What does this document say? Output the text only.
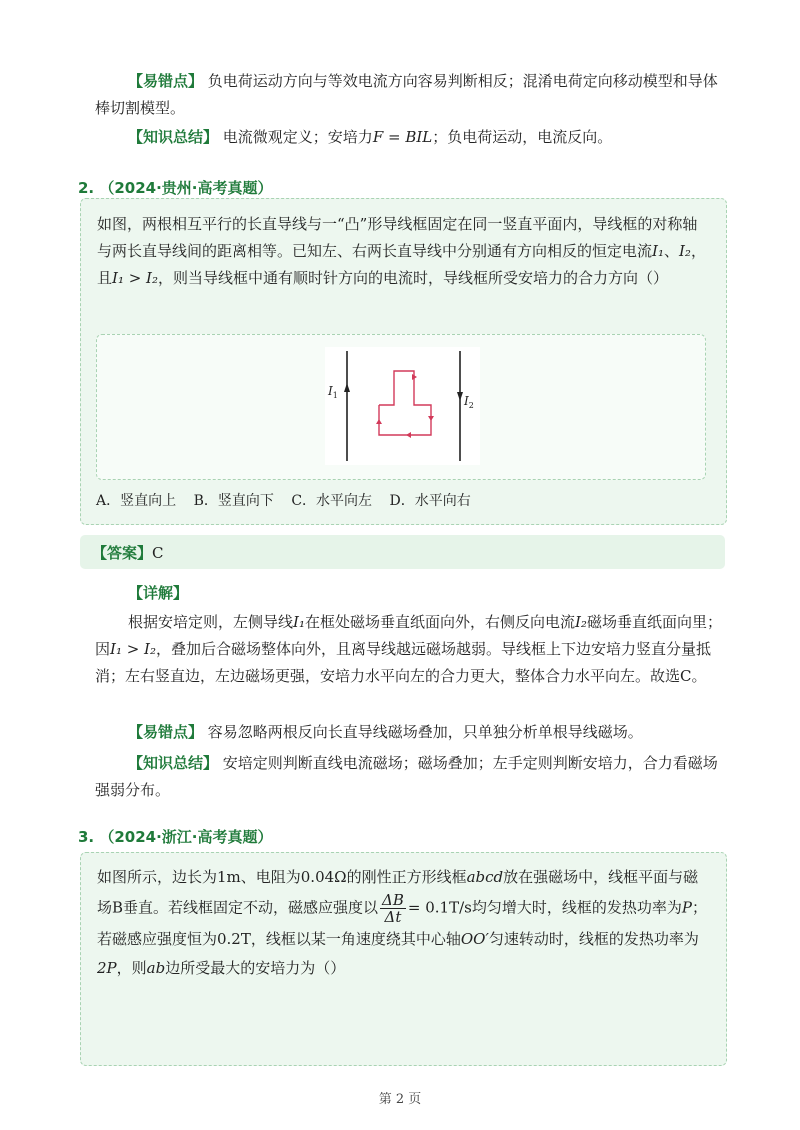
【易错点】 负电荷运动方向与等效电流方向容易判断相反；混淆电荷定向移动模型和导体棒切割模型。
【知识总结】 电流微观定义；安培力F = BIL；负电荷运动，电流反向。
2. （2024·贵州·高考真题）
如图，两根相互平行的长直导线与一“凸”形导线框固定在同一竖直平面内，导线框的对称轴与两长直导线间的距离相等。已知左、右两长直导线中分别通有方向相反的恒定电流I₁、I₂，且I₁ > I₂，则当导线框中通有顺时针方向的电流时，导线框所受安培力的合力方向（）
$I_1$	$I_2$
A．竖直向上 B．竖直向下 C．水平向左 D．水平向右
【答案】C
【详解】
根据安培定则，左侧导线I₁在框处磁场垂直纸面向外，右侧反向电流I₂磁场垂直纸面向里；因I₁ > I₂，叠加后合磁场整体向外，且离导线越远磁场越弱。导线框上下边安培力竖直分量抵消；左右竖直边，左边磁场更强，安培力水平向左的合力更大，整体合力水平向左。故选C。
【易错点】 容易忽略两根反向长直导线磁场叠加，只单独分析单根导线磁场。
【知识总结】 安培定则判断直线电流磁场；磁场叠加；左手定则判断安培力，合力看磁场强弱分布。
3. （2024·浙江·高考真题）
如图所示，边长为1m、电阻为0.04Ω的刚性正方形线框abcd放在强磁场中，线框平面与磁场B垂直。若线框固定不动，磁感应强度以 $\frac{\Delta B}{\Delta t} = 0.1T/s$均匀增大时，线框的发热功率为P；若磁感应强度恒为0.2T，线框以某一角速度绕其中心轴OO′匀速转动时，线框的发热功率为2P，则ab边所受最大的安培力为（）
第 2 页
